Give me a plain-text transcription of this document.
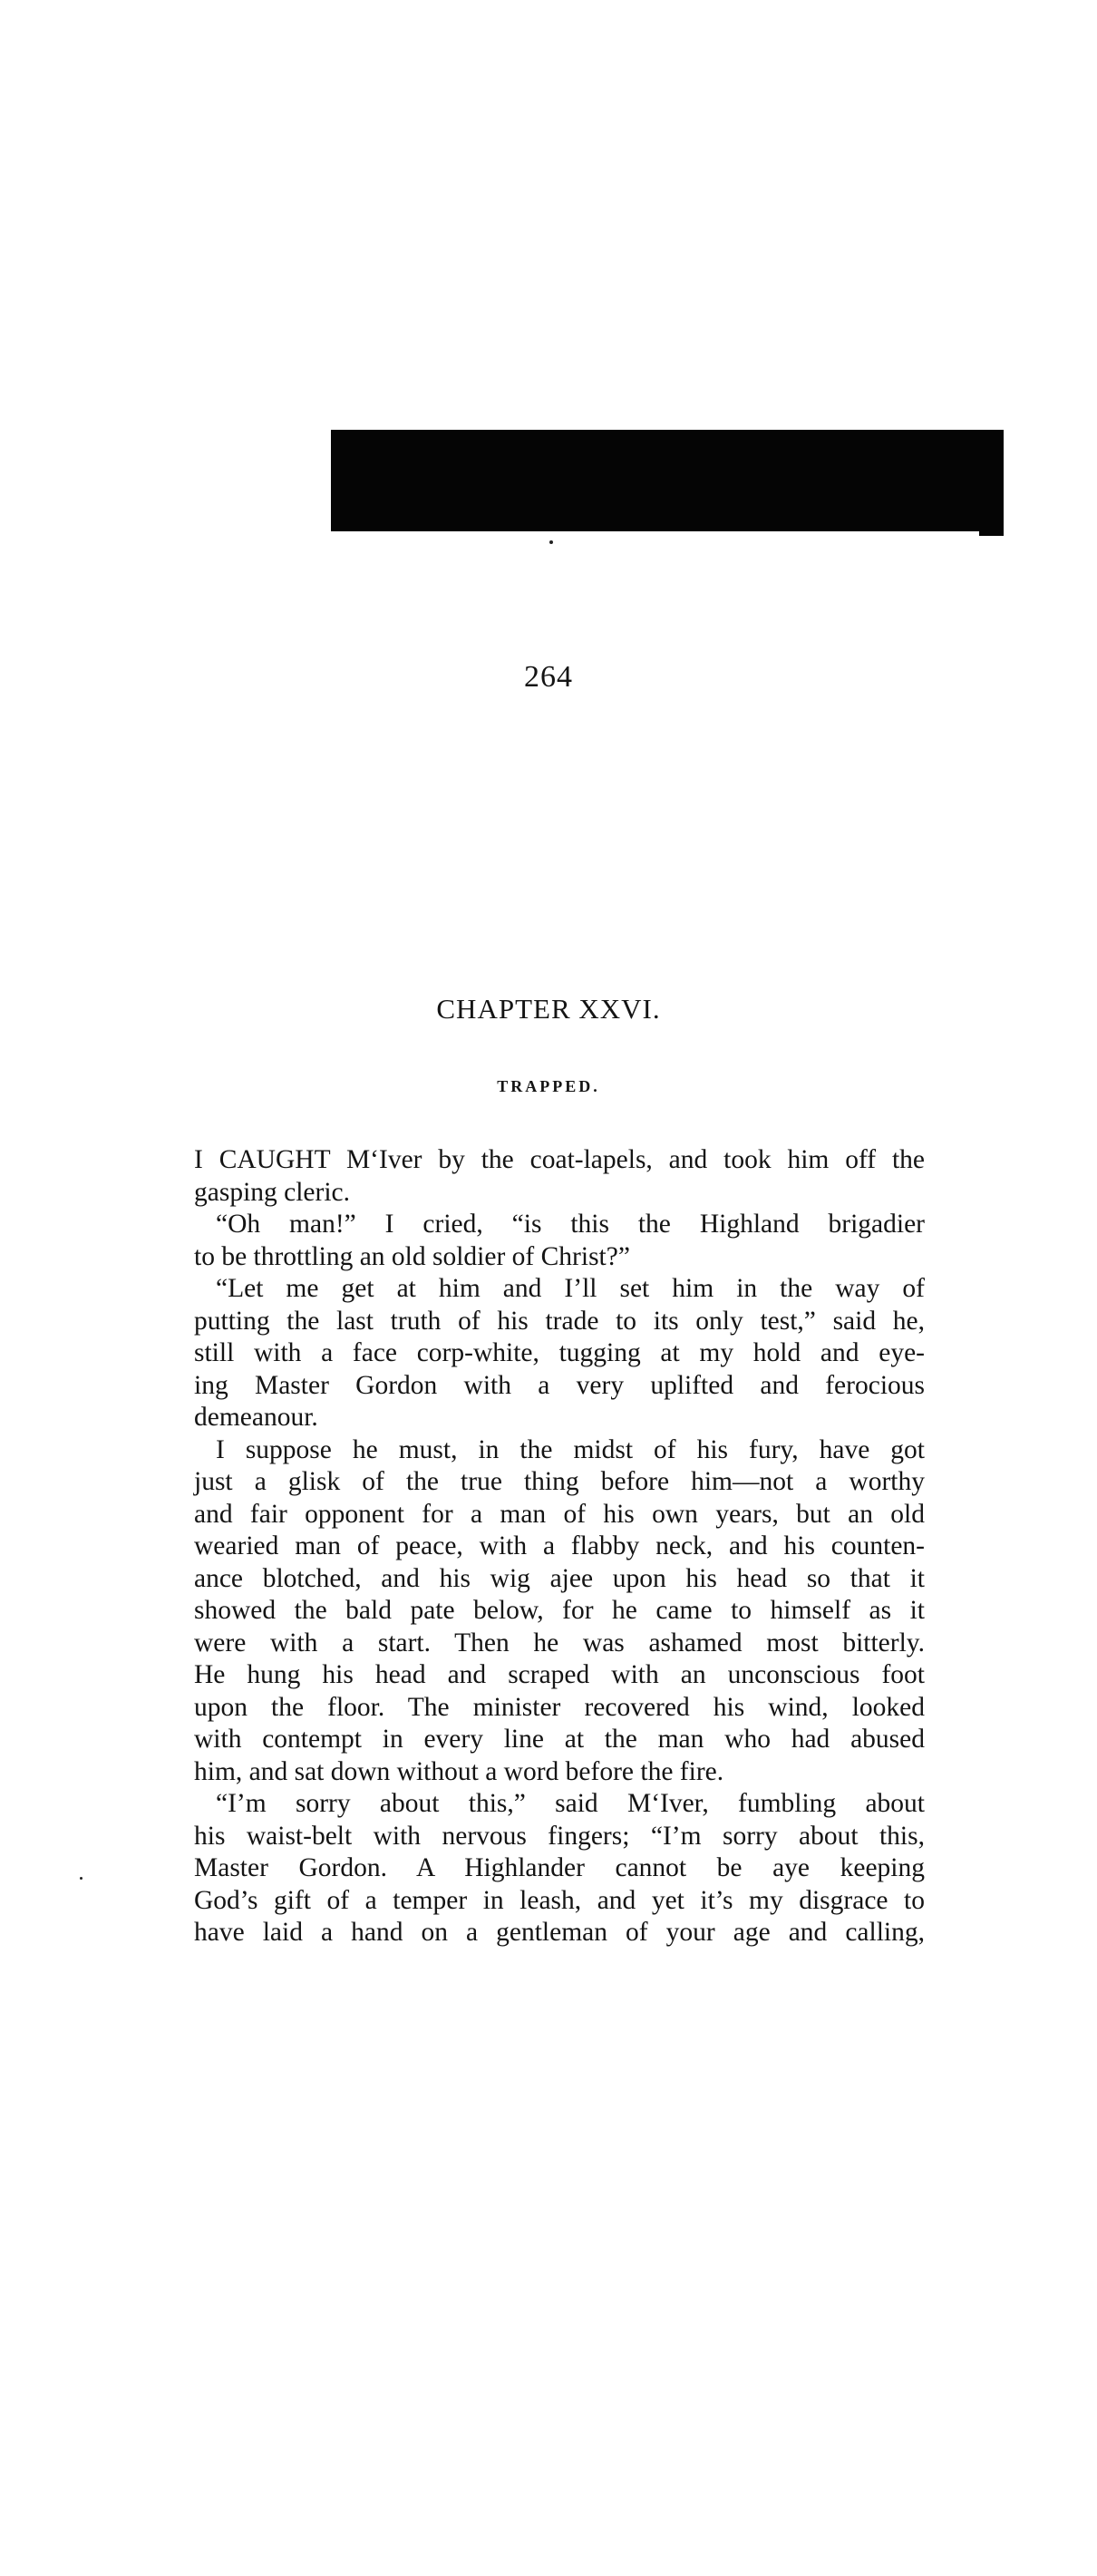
264
CHAPTER XXVI.
TRAPPED.
I CAUGHT M‘Iver by the coat-lapels, and took him off the
gasping cleric.
“Oh man!” I cried, “is this the Highland brigadier
to be throttling an old soldier of Christ?”
“Let me get at him and I’ll set him in the way of
putting the last truth of his trade to its only test,” said he,
still with a face corp-white, tugging at my hold and eye-
ing Master Gordon with a very uplifted and ferocious
demeanour.
I suppose he must, in the midst of his fury, have got
just a glisk of the true thing before him—not a worthy
and fair opponent for a man of his own years, but an old
wearied man of peace, with a flabby neck, and his counten-
ance blotched, and his wig ajee upon his head so that it
showed the bald pate below, for he came to himself as it
were with a start. Then he was ashamed most bitterly.
He hung his head and scraped with an unconscious foot
upon the floor. The minister recovered his wind, looked
with contempt in every line at the man who had abused
him, and sat down without a word before the fire.
“I’m sorry about this,” said M‘Iver, fumbling about
his waist-belt with nervous fingers; “I’m sorry about this,
Master Gordon. A Highlander cannot be aye keeping
God’s gift of a temper in leash, and yet it’s my disgrace to
have laid a hand on a gentleman of your age and calling,
